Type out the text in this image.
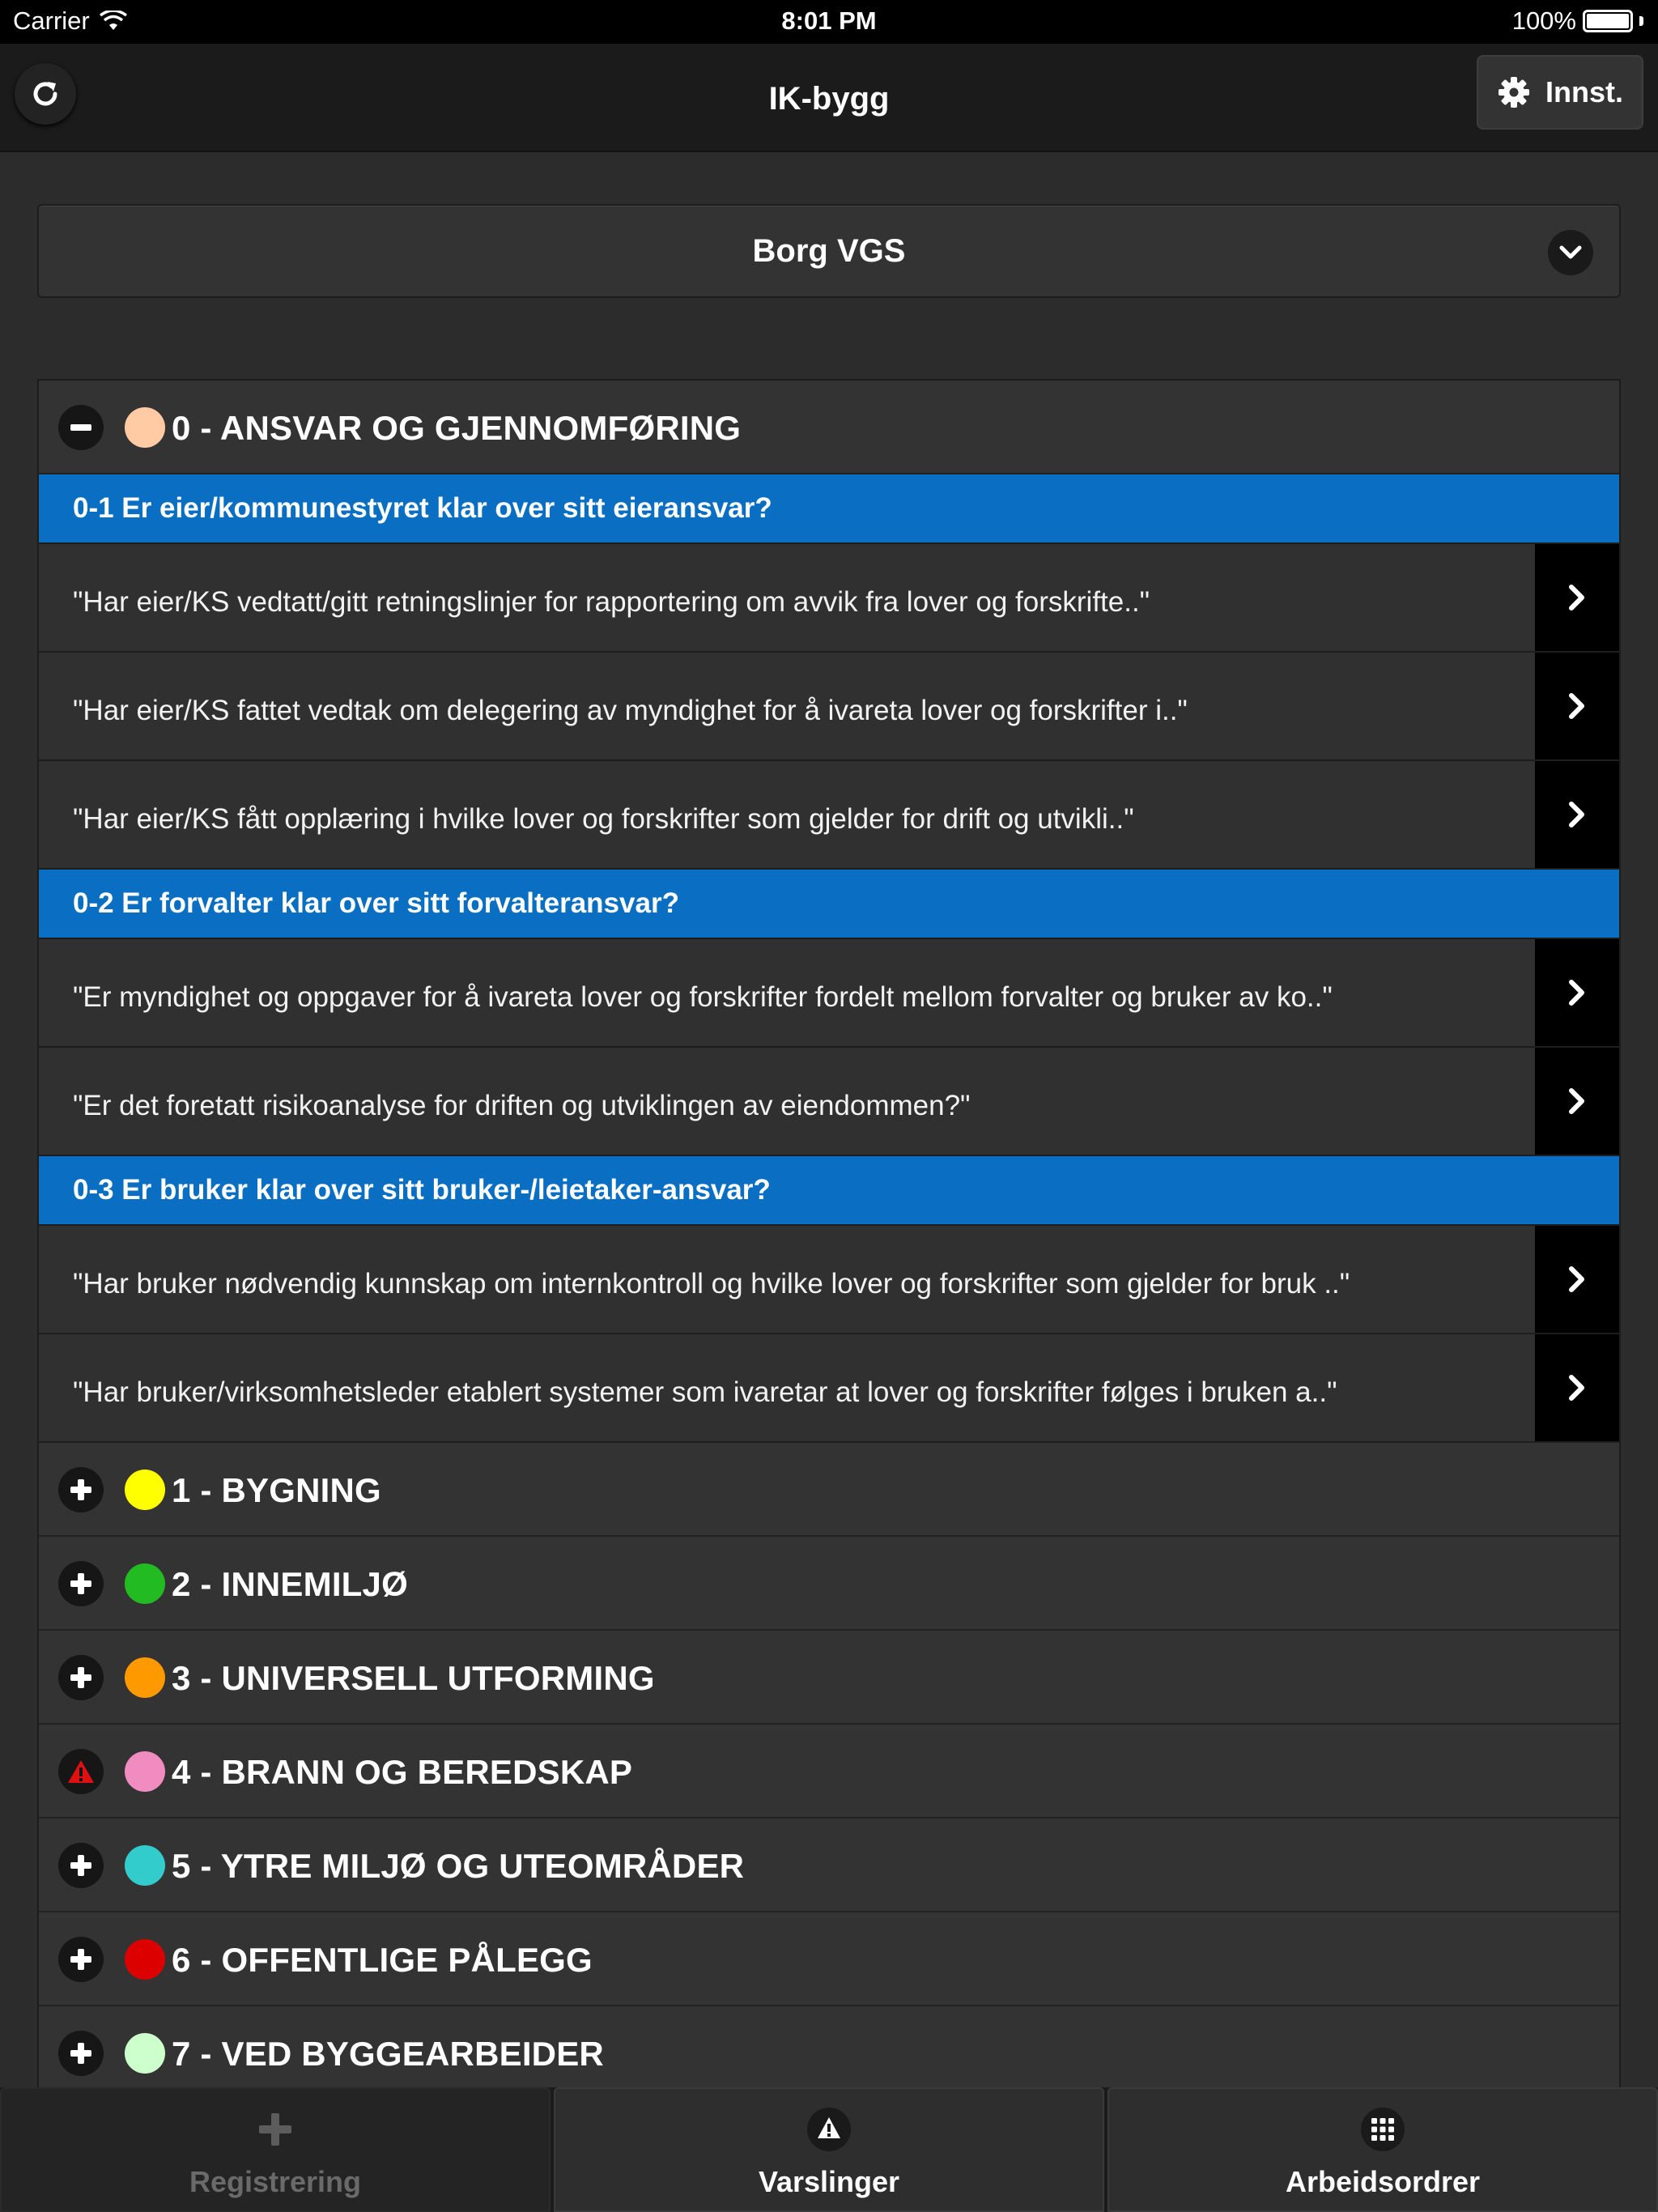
Carrier	8:01 PM	100%
IK-bygg	Innst.
Borg VGS
0 - ANSVAR OG GJENNOMFØRING
0-1 Er eier/kommunestyret klar over sitt eieransvar?
"Har eier/KS vedtatt/gitt retningslinjer for rapportering om avvik fra lover og forskrifte.."
"Har eier/KS fattet vedtak om delegering av myndighet for å ivareta lover og forskrifter i.."
"Har eier/KS fått opplæring i hvilke lover og forskrifter som gjelder for drift og utvikli.."
0-2 Er forvalter klar over sitt forvalteransvar?
"Er myndighet og oppgaver for å ivareta lover og forskrifter fordelt mellom forvalter og bruker av ko.."
"Er det foretatt risikoanalyse for driften og utviklingen av eiendommen?"
0-3 Er bruker klar over sitt bruker-/leietaker-ansvar?
"Har bruker nødvendig kunnskap om internkontroll og hvilke lover og forskrifter som gjelder for bruk .."
"Har bruker/virksomhetsleder etablert systemer som ivaretar at lover og forskrifter følges i bruken a.."
1 - BYGNING
2 - INNEMILJØ
3 - UNIVERSELL UTFORMING
4 - BRANN OG BEREDSKAP
5 - YTRE MILJØ OG UTEOMRÅDER
6 - OFFENTLIGE PÅLEGG
7 - VED BYGGEARBEIDER
Registrering	Varslinger	Arbeidsordrer
